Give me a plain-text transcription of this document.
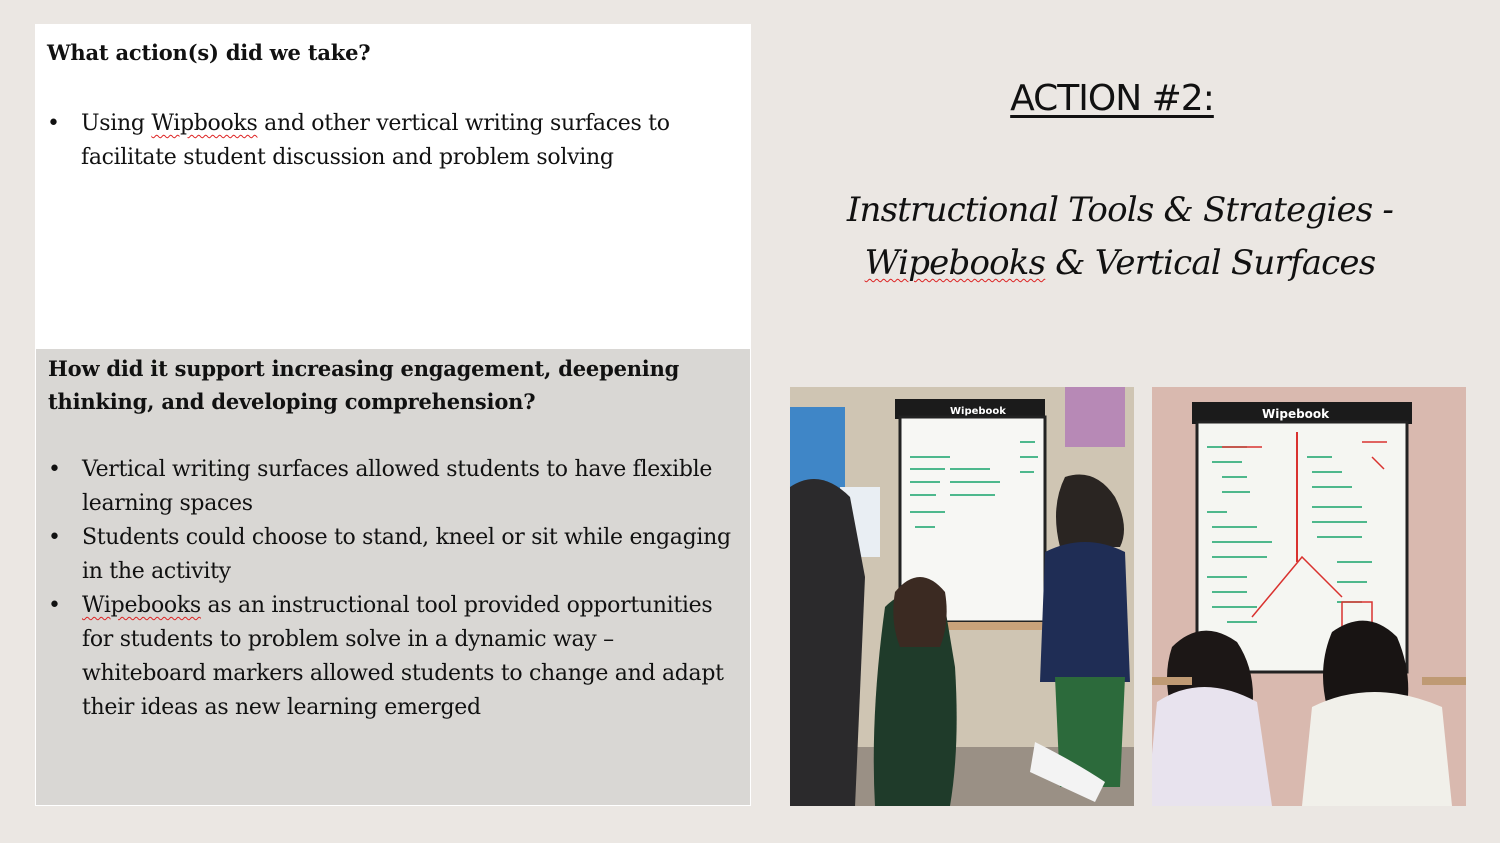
What action(s) did we take?
• Using Wipbooks and other vertical writing surfaces to
facilitate student discussion and problem solving
How did it support increasing engagement, deepening
thinking, and developing comprehension?
• Vertical writing surfaces allowed students to have flexible
learning spaces
• Students could choose to stand, kneel or sit while engaging
in the activity
• Wipebooks as an instructional tool provided opportunities
for students to problem solve in a dynamic way –
whiteboard markers allowed students to change and adapt
their ideas as new learning emerged
ACTION #2:
Instructional Tools & Strategies -
Wipebooks & Vertical Surfaces
Wipebook	Wipebook
